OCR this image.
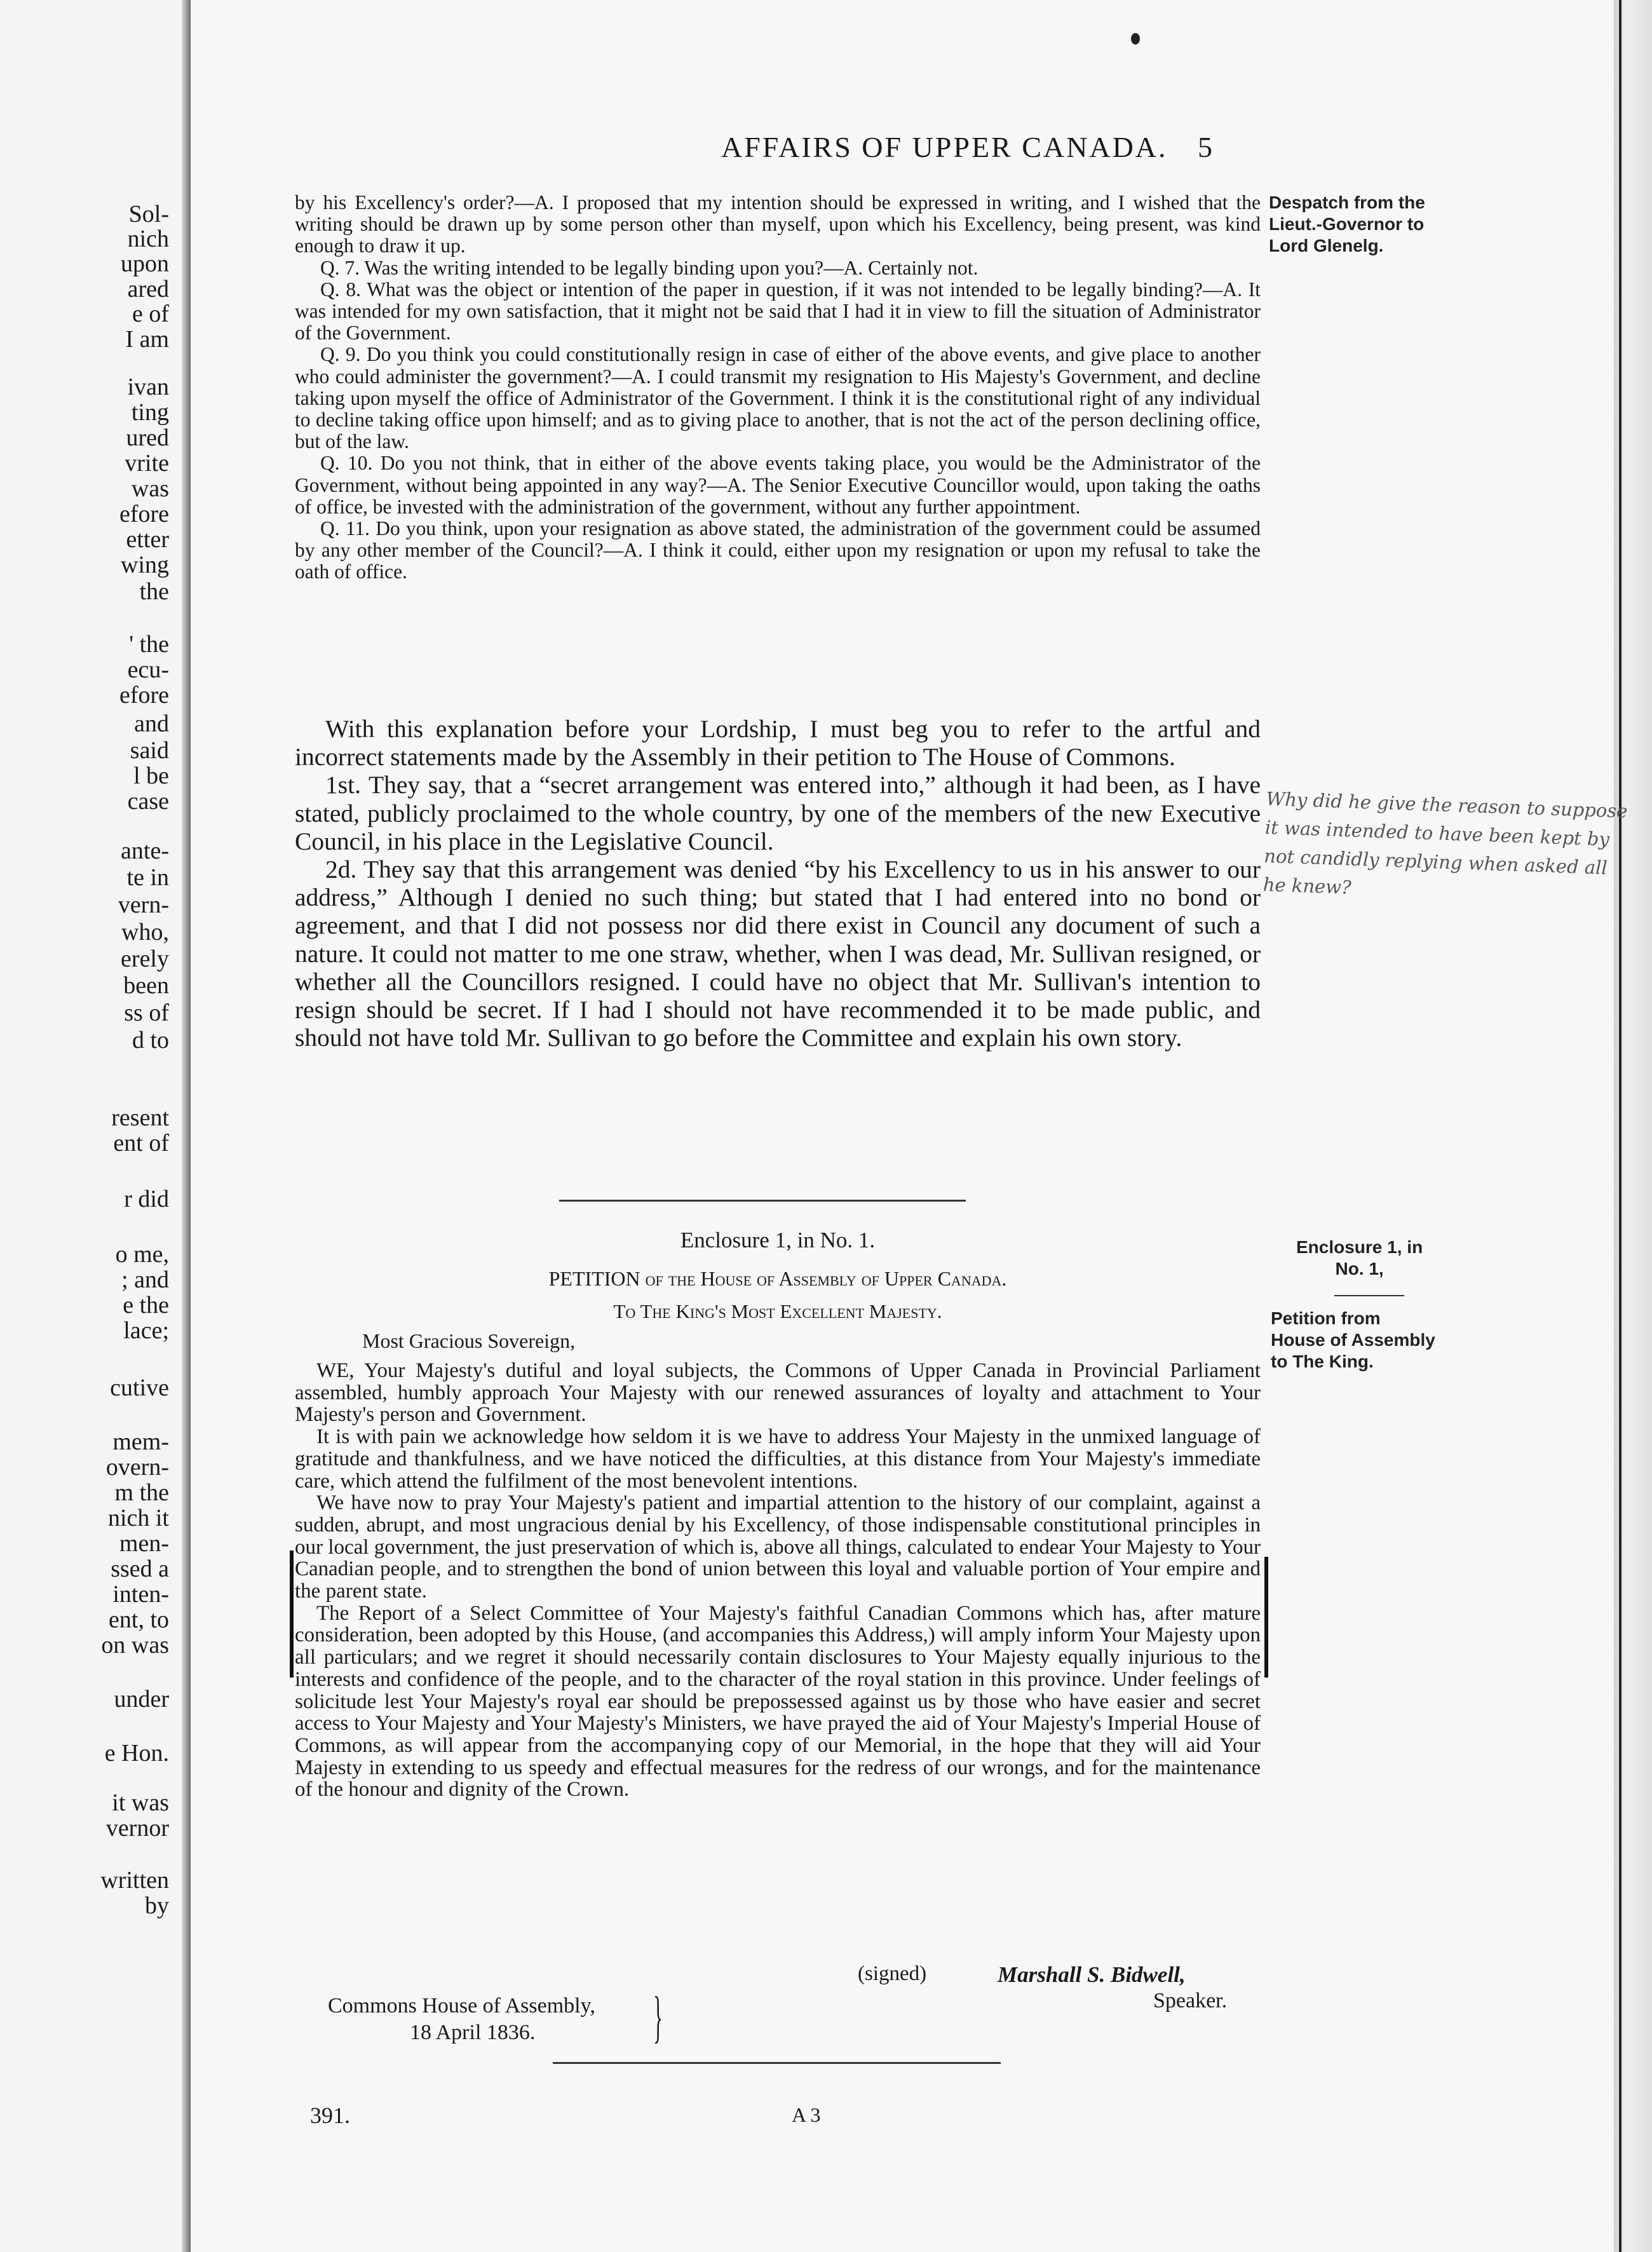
Sol-
nich
upon
ared
e of
I am
ivan
ting
ured
vrite
was
efore
etter
wing
the
' the
ecu-
efore
and
said
l be
case
ante-
te in
vern-
who,
erely
been
ss of
d to
resent
ent of
r did
o me,
; and
e the
lace;
cutive
mem-
overn-
m the
nich it
men-
ssed a
inten-
ent, to
on was
under
e Hon.
it was
vernor
written
by
AFFAIRS OF UPPER CANADA. 5
Despatch from the
Lieut.-Governor to
Lord Glenelg.

by his Excellency's order?—A. I proposed that my intention should be expressed in writing, and I wished that the writing should be drawn up by some person other than myself, upon which his Excellency, being present, was kind enough to draw it up.

Q. 7. Was the writing intended to be legally binding upon you?—A. Certainly not.

Q. 8. What was the object or intention of the paper in question, if it was not intended to be legally binding?—A. It was intended for my own satisfaction, that it might not be said that I had it in view to fill the situation of Administrator of the Government.

Q. 9. Do you think you could constitutionally resign in case of either of the above events, and give place to another who could administer the government?—A. I could transmit my resignation to His Majesty's Government, and decline taking upon myself the office of Administrator of the Government. I think it is the constitutional right of any individual to decline taking office upon himself; and as to giving place to another, that is not the act of the person declining office, but of the law.

Q. 10. Do you not think, that in either of the above events taking place, you would be the Administrator of the Government, without being appointed in any way?—A. The Senior Executive Councillor would, upon taking the oaths of office, be invested with the administration of the government, without any further appointment.

Q. 11. Do you think, upon your resignation as above stated, the administration of the government could be assumed by any other member of the Council?—A. I think it could, either upon my resignation or upon my refusal to take the oath of office.

With this explanation before your Lordship, I must beg you to refer to the artful and incorrect statements made by the Assembly in their petition to The House of Commons.

1st. They say, that a “secret arrangement was entered into,” although it had been, as I have stated, publicly proclaimed to the whole country, by one of the members of the new Executive Council, in his place in the Legislative Council.

2d. They say that this arrangement was denied “by his Excellency to us in his answer to our address,” Although I denied no such thing; but stated that I had entered into no bond or agreement, and that I did not possess nor did there exist in Council any document of such a nature. It could not matter to me one straw, whether, when I was dead, Mr. Sullivan resigned, or whether all the Councillors resigned. I could have no object that Mr. Sullivan's intention to resign should be secret. If I had I should not have recommended it to be made public, and should not have told Mr. Sullivan to go before the Committee and explain his own story.

Why did he give the reason to suppose it was intended to have been kept by not candidly replying when asked all he knew?
Enclosure 1, in No. 1.	Enclosure 1, in
No. 1,
Petition from
House of Assembly
to The King.
PETITION of the House of Assembly of Upper Canada.
To The King's Most Excellent Majesty.
Most Gracious Sovereign,

WE, Your Majesty's dutiful and loyal subjects, the Commons of Upper Canada in Provincial Parliament assembled, humbly approach Your Majesty with our renewed assurances of loyalty and attachment to Your Majesty's person and Government.

It is with pain we acknowledge how seldom it is we have to address Your Majesty in the unmixed language of gratitude and thankfulness, and we have noticed the difficulties, at this distance from Your Majesty's immediate care, which attend the fulfilment of the most benevolent intentions.

We have now to pray Your Majesty's patient and impartial attention to the history of our complaint, against a sudden, abrupt, and most ungracious denial by his Excellency, of those indispensable constitutional principles in our local government, the just preservation of which is, above all things, calculated to endear Your Majesty to Your Canadian people, and to strengthen the bond of union between this loyal and valuable portion of Your empire and the parent state.

The Report of a Select Committee of Your Majesty's faithful Canadian Commons which has, after mature consideration, been adopted by this House, (and accompanies this Address,) will amply inform Your Majesty upon all particulars; and we regret it should necessarily contain disclosures to Your Majesty equally injurious to the interests and confidence of the people, and to the character of the royal station in this province. Under feelings of solicitude lest Your Majesty's royal ear should be prepossessed against us by those who have easier and secret access to Your Majesty and Your Majesty's Ministers, we have prayed the aid of Your Majesty's Imperial House of Commons, as will appear from the accompanying copy of our Memorial, in the hope that they will aid Your Majesty in extending to us speedy and effectual measures for the redress of our wrongs, and for the maintenance of the honour and dignity of the Crown.

(signed)	Marshall S. Bidwell,
Speaker.
Commons House of Assembly,
18 April 1836. }
391.	A 3
